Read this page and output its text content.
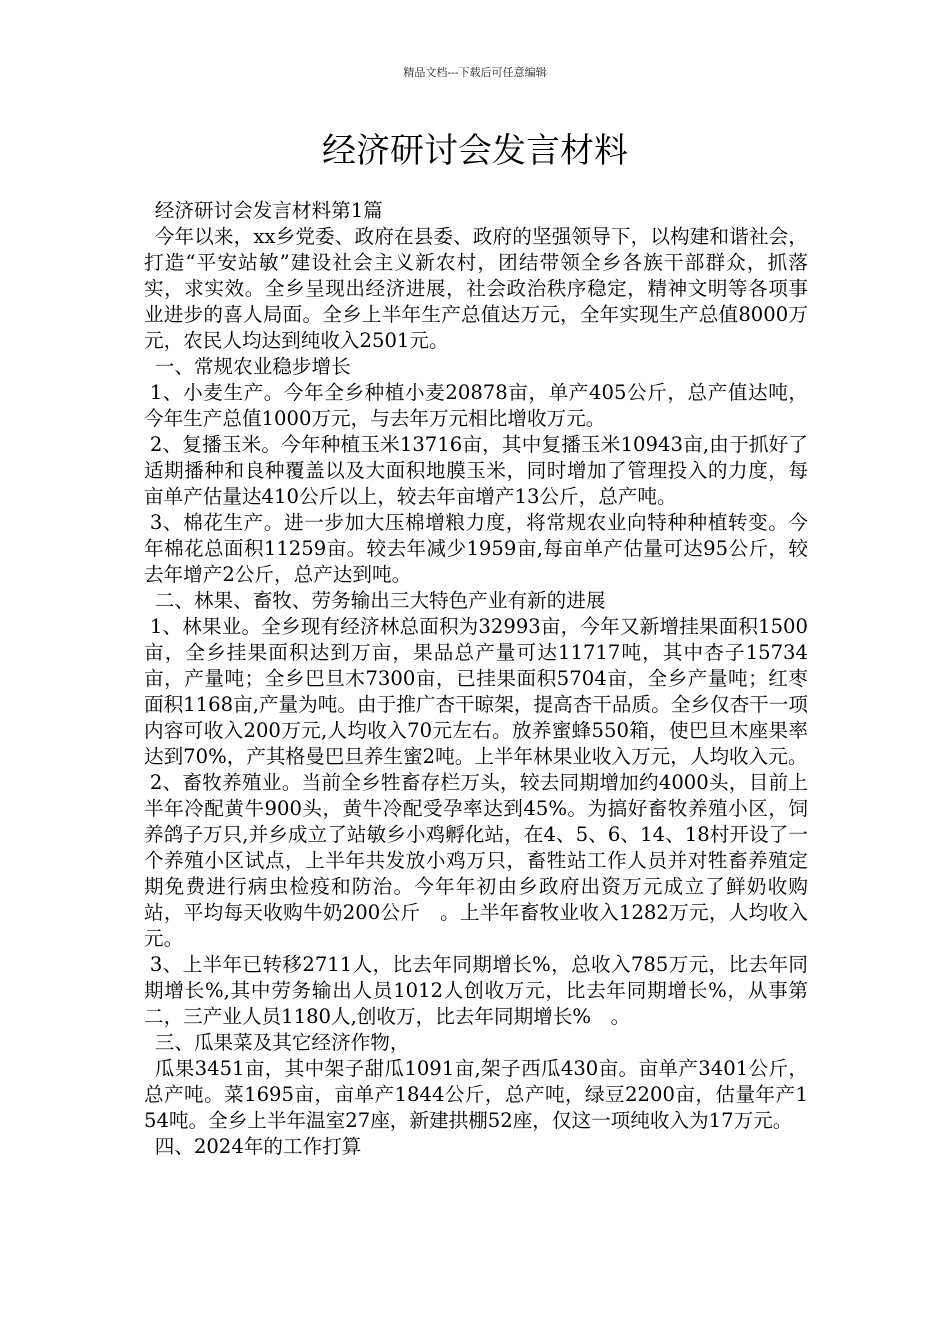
精品文档---下载后可任意编辑
经济研讨会发言材料

经济研讨会发言材料第1篇

今年以来，xx乡党委、政府在县委、政府的坚强领导下，以构建和谐社会，打造“平安站敏”建设社会主义新农村，团结带领全乡各族干部群众，抓落实，求实效。全乡呈现出经济进展，社会政治秩序稳定，精神文明等各项事业进步的喜人局面。全乡上半年生产总值达万元，全年实现生产总值8000万元，农民人均达到纯收入2501元。

一、常规农业稳步增长

1、小麦生产。今年全乡种植小麦20878亩，单产405公斤，总产值达吨，今年生产总值1000万元，与去年万元相比增收万元。

2、复播玉米。今年种植玉米13716亩，其中复播玉米10943亩,由于抓好了适期播种和良种覆盖以及大面积地膜玉米，同时增加了管理投入的力度，每亩单产估量达410公斤以上，较去年亩增产13公斤，总产吨。

3、棉花生产。进一步加大压棉增粮力度，将常规农业向特种种植转变。今年棉花总面积11259亩。较去年减少1959亩,每亩单产估量可达95公斤，较去年增产2公斤，总产达到吨。

二、林果、畜牧、劳务输出三大特色产业有新的进展

1、林果业。全乡现有经济林总面积为32993亩，今年又新增挂果面积1500亩，全乡挂果面积达到万亩，果品总产量可达11717吨，其中杏子15734亩，产量吨；全乡巴旦木7300亩，已挂果面积5704亩，全乡产量吨；红枣面积1168亩,产量为吨。由于推广杏干晾架，提高杏干品质。全乡仅杏干一项内容可收入200万元,人均收入70元左右。放养蜜蜂550箱，使巴旦木座果率达到70%，产其格曼巴旦养生蜜2吨。上半年林果业收入万元，人均收入元。

2、畜牧养殖业。当前全乡牲畜存栏万头，较去同期增加约4000头，目前上半年冷配黄牛900头，黄牛冷配受孕率达到45%。为搞好畜牧养殖小区，饲养鸽子万只,并乡成立了站敏乡小鸡孵化站，在4、5、6、14、18村开设了一个养殖小区试点，上半年共发放小鸡万只，畜牲站工作人员并对牲畜养殖定期免费进行病虫检疫和防治。今年年初由乡政府出资万元成立了鲜奶收购站，平均每天收购牛奶200公斤　。上半年畜牧业收入1282万元，人均收入元。

3、上半年已转移2711人，比去年同期增长%，总收入785万元，比去年同期增长%,其中劳务输出人员1012人创收万元，比去年同期增长%，从事第二，三产业人员1180人,创收万，比去年同期增长%　。

三、瓜果菜及其它经济作物，

瓜果3451亩，其中架子甜瓜1091亩,架子西瓜430亩。亩单产3401公斤，总产吨。菜1695亩，亩单产1844公斤，总产吨，绿豆2200亩，估量年产154吨。全乡上半年温室27座，新建拱棚52座，仅这一项纯收入为17万元。

四、2024年的工作打算
